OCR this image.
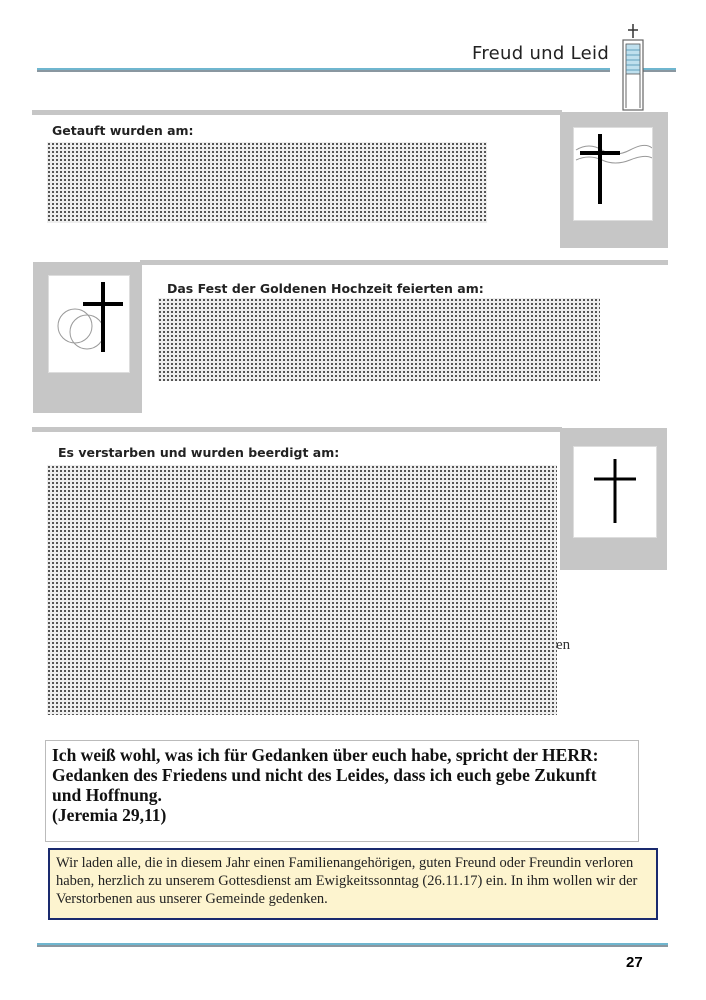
Freud und Leid
Getauft wurden am:
Das Fest der Goldenen Hochzeit feierten am:
Es verstarben und wurden beerdigt am:
en
Ich weiß wohl, was ich für Gedanken über euch habe, spricht der HERR:
Gedanken des Friedens und nicht des Leides, dass ich euch gebe Zukunft
und Hoffnung.
(Jeremia 29,11)
Wir laden alle, die in diesem Jahr einen Familienangehörigen, guten Freund oder Freundin verloren haben, herzlich zu unserem Gottesdienst am Ewigkeitssonntag (26.11.17) ein. In ihm wollen wir der Verstorbenen aus unserer Gemeinde gedenken.
27
